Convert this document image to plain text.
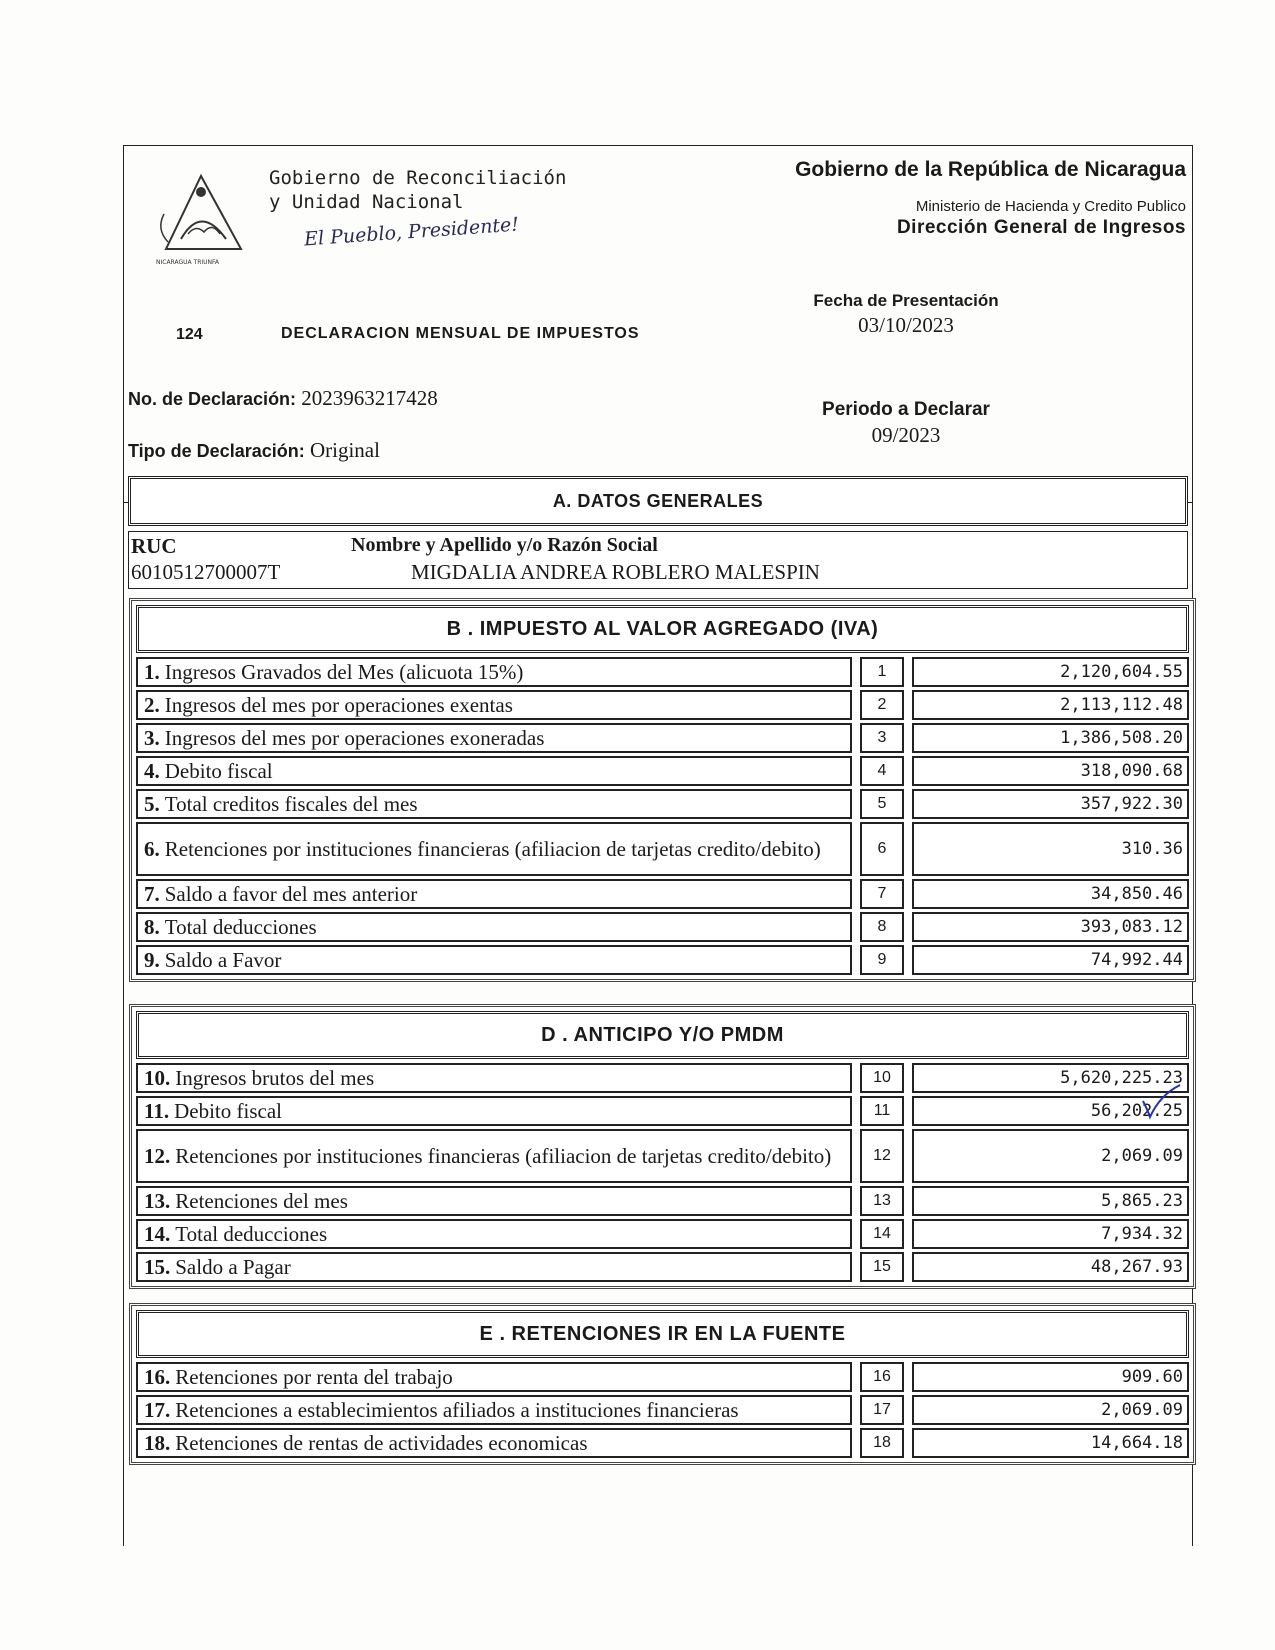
NICARAGUA TRIUNFA
Gobierno de Reconciliación
y Unidad Nacional
El Pueblo, Presidente!
Gobierno de la República de Nicaragua
Ministerio de Hacienda y Credito Publico
Dirección General de Ingresos
124	DECLARACION MENSUAL DE IMPUESTOS
Fecha de Presentación
03/10/2023
No. de Declaración: 2023963217428
Tipo de Declaración: Original
Periodo a Declarar
09/2023
A. DATOS GENERALES
RUC
6010512700007T
Nombre y Apellido y/o Razón Social
MIGDALIA ANDREA ROBLERO MALESPIN
B . IMPUESTO AL VALOR AGREGADO (IVA)
1. Ingresos Gravados del Mes (alicuota 15%)	1	2,120,604.55
2. Ingresos del mes por operaciones exentas	2	2,113,112.48
3. Ingresos del mes por operaciones exoneradas	3	1,386,508.20
4. Debito fiscal	4	318,090.68
5. Total creditos fiscales del mes	5	357,922.30
6. Retenciones por instituciones financieras (afiliacion de tarjetas credito/debito)	6	310.36
7. Saldo a favor del mes anterior	7	34,850.46
8. Total deducciones	8	393,083.12
9. Saldo a Favor	9	74,992.44
D . ANTICIPO Y/O PMDM
10. Ingresos brutos del mes	10	5,620,225.23
11. Debito fiscal	11	56,202.25
12. Retenciones por instituciones financieras (afiliacion de tarjetas credito/debito)	12	2,069.09
13. Retenciones del mes	13	5,865.23
14. Total deducciones	14	7,934.32
15. Saldo a Pagar	15	48,267.93
E . RETENCIONES IR EN LA FUENTE
16. Retenciones por renta del trabajo	16	909.60
17. Retenciones a establecimientos afiliados a instituciones financieras	17	2,069.09
18. Retenciones de rentas de actividades economicas	18	14,664.18
